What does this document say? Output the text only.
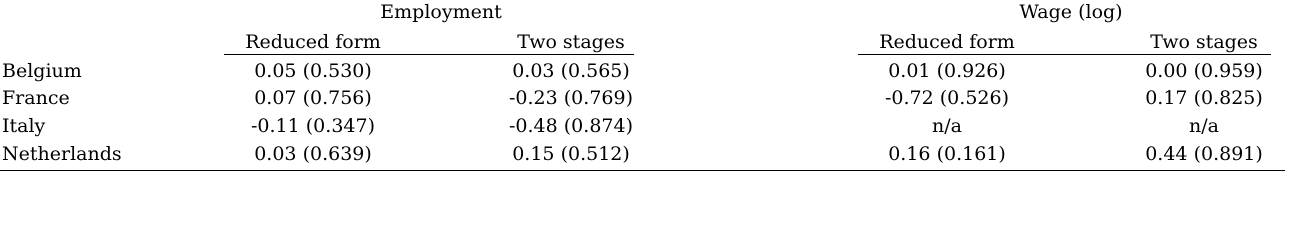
Employment	Wage (log)
Reduced form	Two stages	Reduced form	Two stages
Belgium	0.05 (0.530)	0.03 (0.565)	0.01 (0.926)	0.00 (0.959)
France	0.07 (0.756)	-0.23 (0.769)	-0.72 (0.526)	0.17 (0.825)
Italy	-0.11 (0.347)	-0.48 (0.874)	n/a	n/a
Netherlands	0.03 (0.639)	0.15 (0.512)	0.16 (0.161)	0.44 (0.891)
